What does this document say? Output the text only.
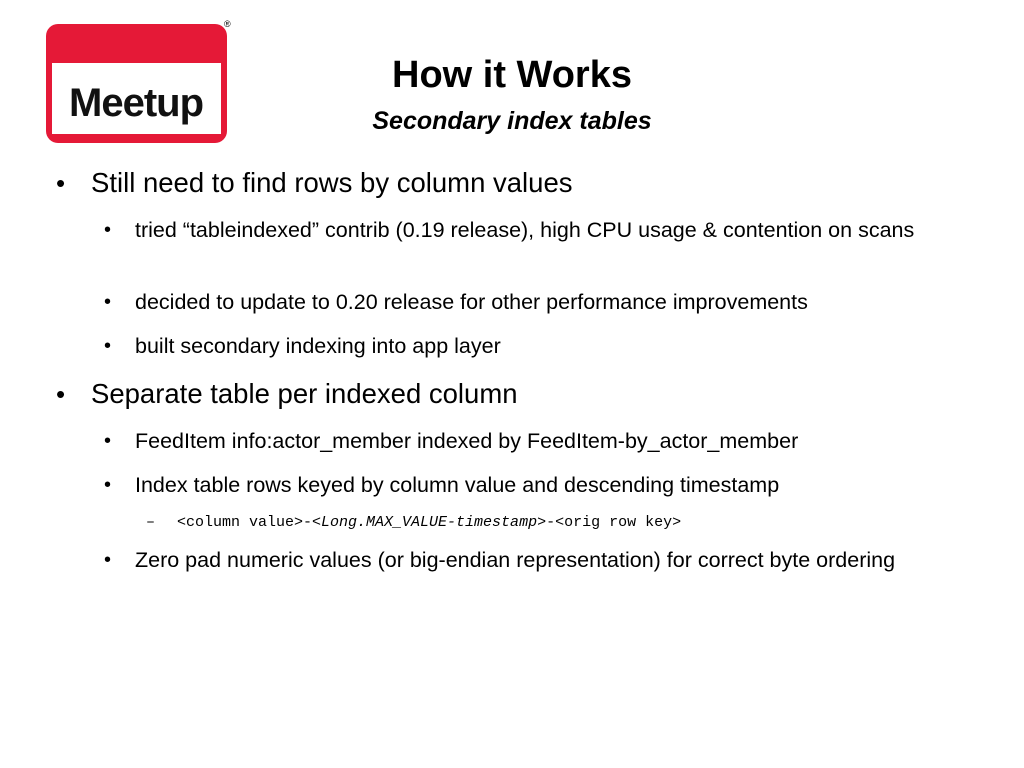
Meetup
®
How it Works
Secondary index tables
• Still need to find rows by column values
•	tried “tableindexed” contrib (0.19 release), high CPU usage & contention on scans
•	decided to update to 0.20 release for other performance improvements
•	built secondary indexing into app layer
• Separate table per indexed column
•	FeedItem info:actor_member indexed by FeedItem-by_actor_member
•	Index table rows keyed by column value and descending timestamp
–	<column value>-<Long.MAX_VALUE-timestamp>-<orig row key>
•	Zero pad numeric values (or big-endian representation) for correct byte ordering
